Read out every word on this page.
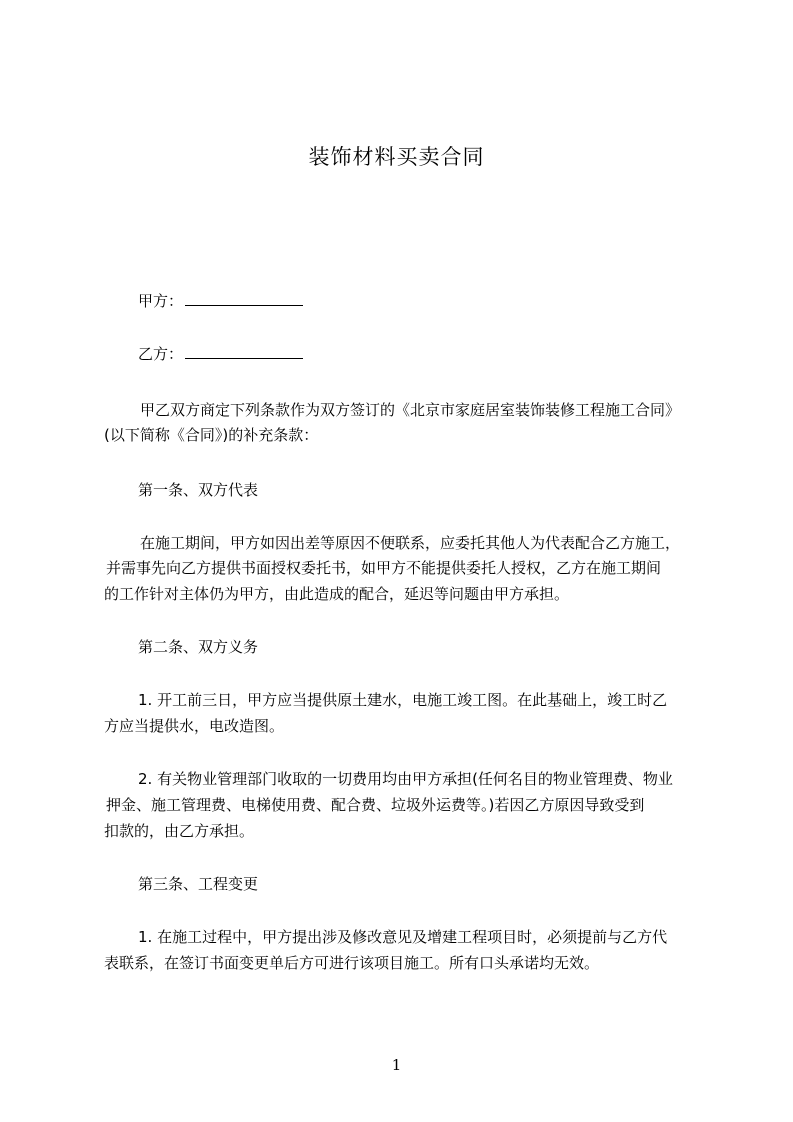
装饰材料买卖合同
甲方：
乙方：
甲乙双方商定下列条款作为双方签订的《北京市家庭居室装饰装修工程施工合同》
(以下简称《合同》)的补充条款：
第一条、双方代表
在施工期间，甲方如因出差等原因不便联系，应委托其他人为代表配合乙方施工，
并需事先向乙方提供书面授权委托书，如甲方不能提供委托人授权，乙方在施工期间
的工作针对主体仍为甲方，由此造成的配合，延迟等问题由甲方承担。
第二条、双方义务
1. 开工前三日，甲方应当提供原土建水，电施工竣工图。在此基础上，竣工时乙
方应当提供水，电改造图。
2. 有关物业管理部门收取的一切费用均由甲方承担(任何名目的物业管理费、物业
押金、施工管理费、电梯使用费、配合费、垃圾外运费等。)若因乙方原因导致受到
扣款的，由乙方承担。
第三条、工程变更
1. 在施工过程中，甲方提出涉及修改意见及增建工程项目时，必须提前与乙方代
表联系，在签订书面变更单后方可进行该项目施工。所有口头承诺均无效。
1
